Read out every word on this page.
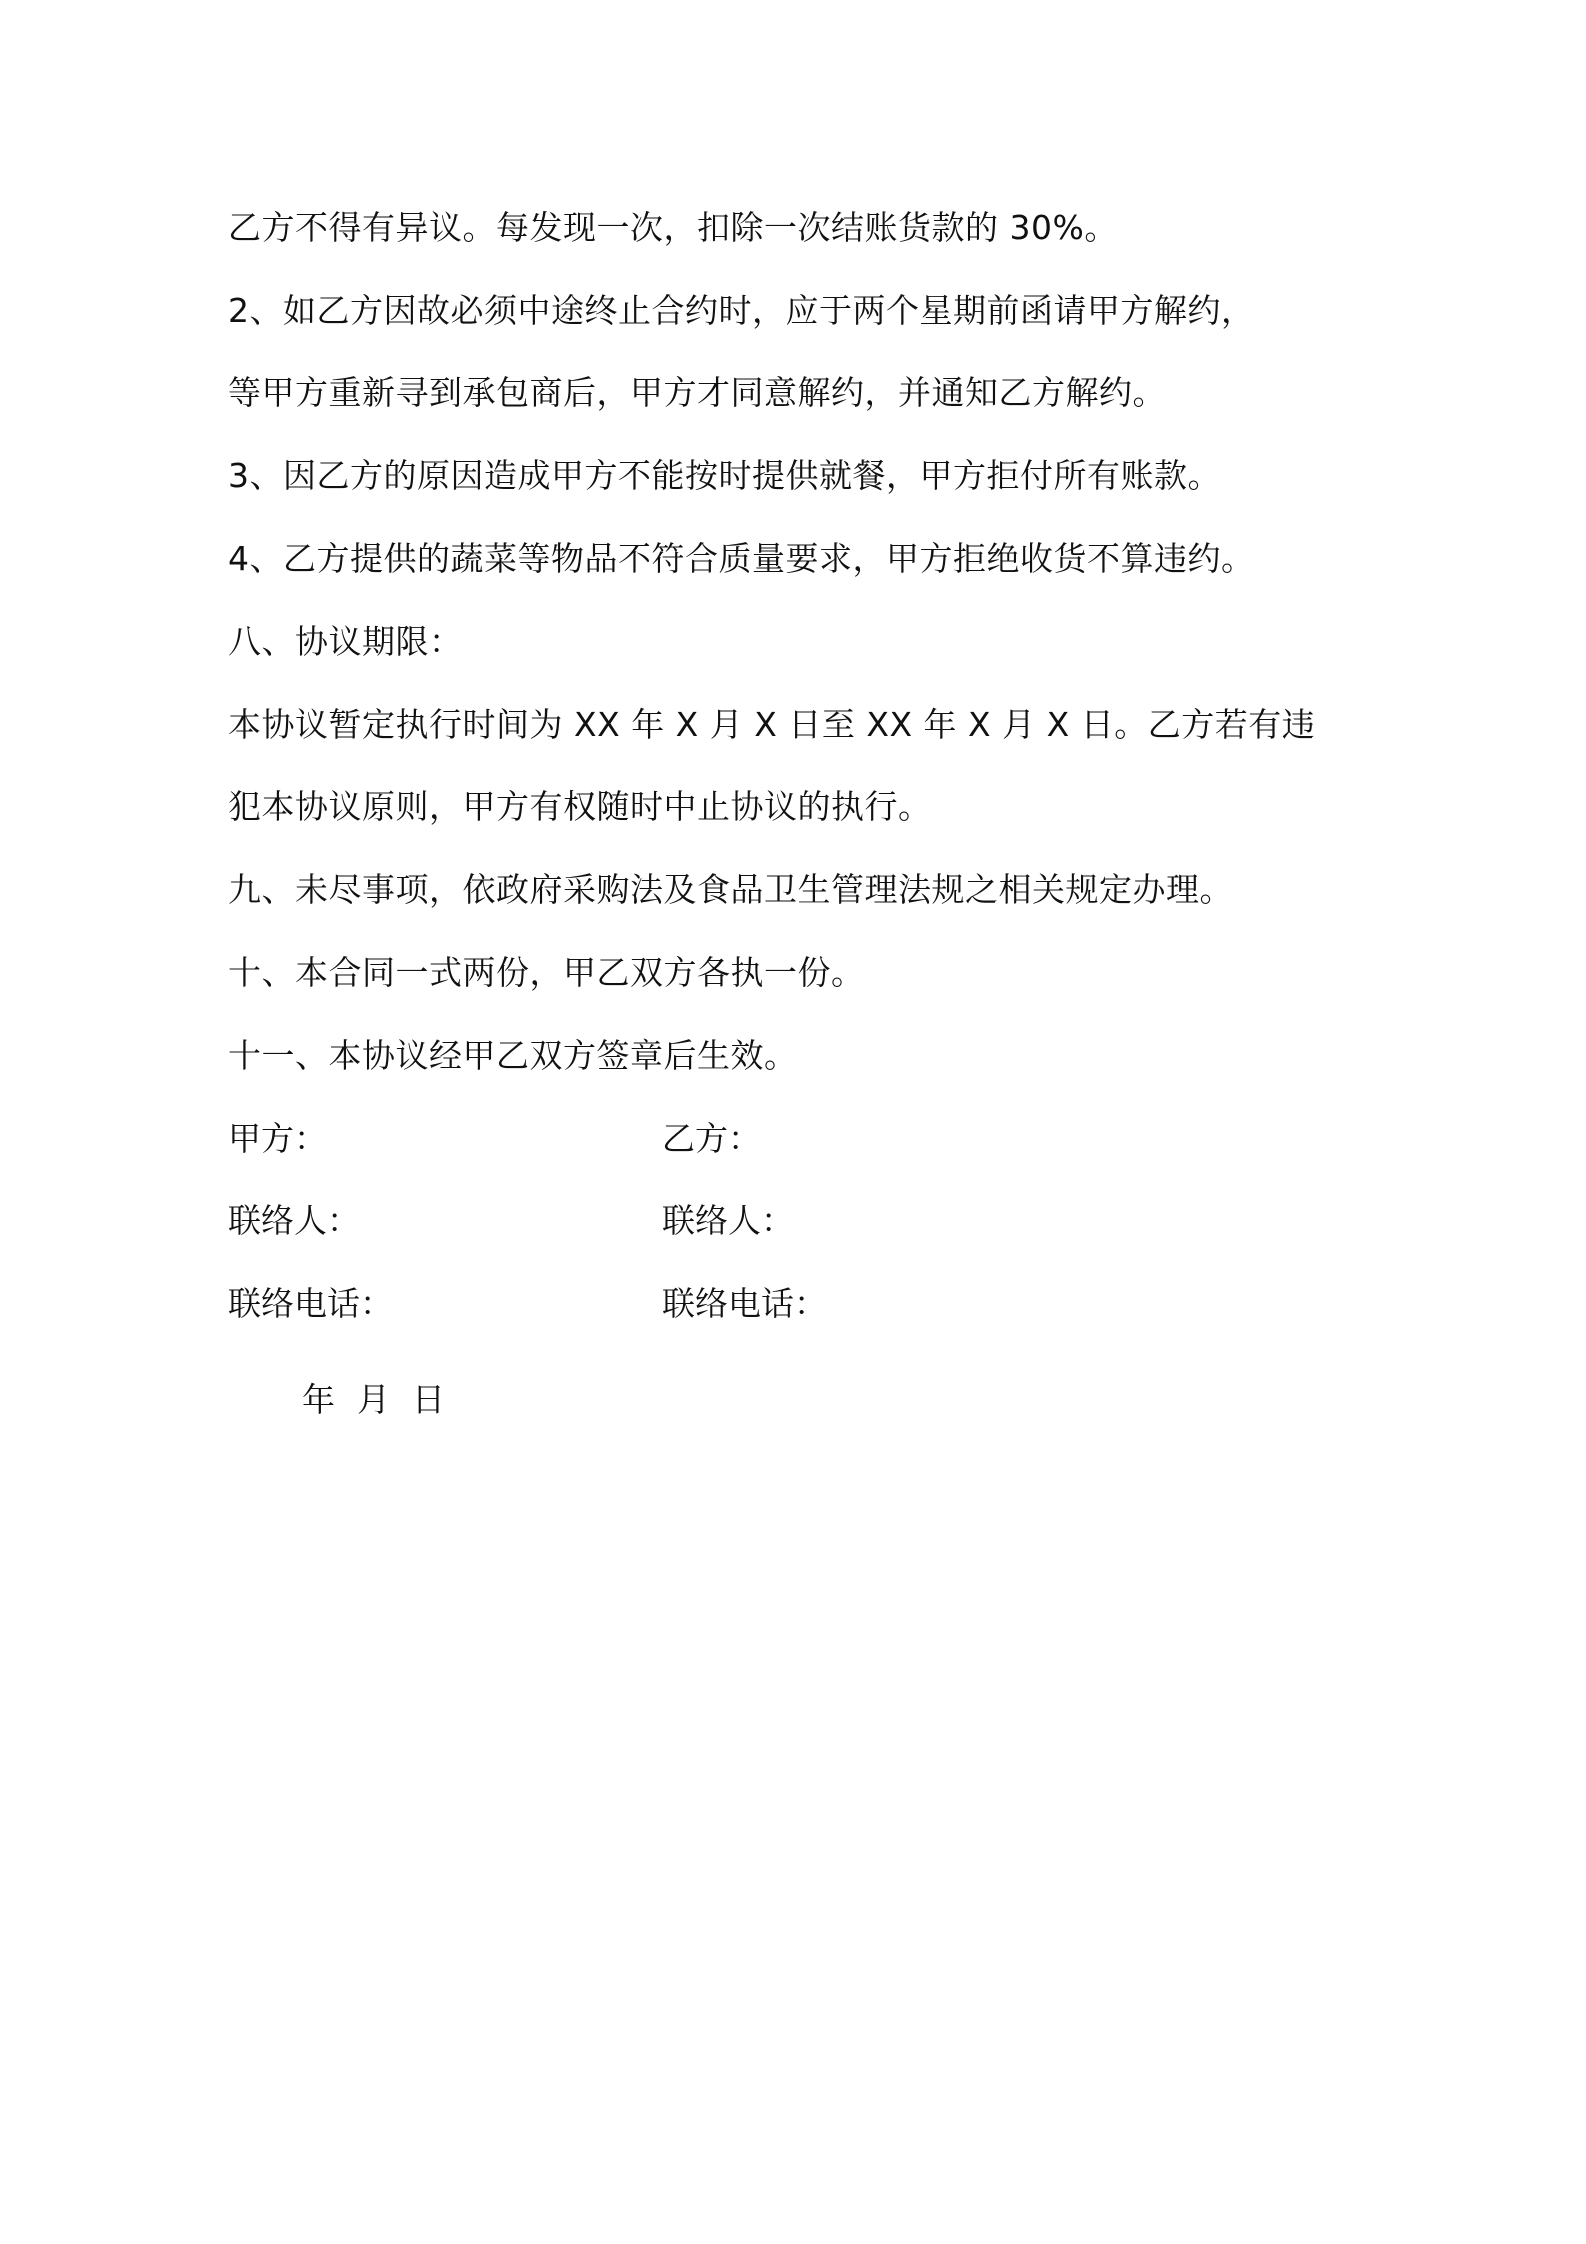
乙方不得有异议。每发现一次，扣除一次结账货款的 30%。
2、如乙方因故必须中途终止合约时，应于两个星期前函请甲方解约，
等甲方重新寻到承包商后，甲方才同意解约，并通知乙方解约。
3、因乙方的原因造成甲方不能按时提供就餐，甲方拒付所有账款。
4、乙方提供的蔬菜等物品不符合质量要求，甲方拒绝收货不算违约。
八、协议期限：
本协议暂定执行时间为 XX 年 X 月 X 日至 XX 年 X 月 X 日。乙方若有违
犯本协议原则，甲方有权随时中止协议的执行。
九、未尽事项，依政府采购法及食品卫生管理法规之相关规定办理。
十、本合同一式两份，甲乙双方各执一份。
十一、本协议经甲乙双方签章后生效。
甲方：	乙方：
联络人：	联络人：
联络电话：	联络电话：
年 月 日
